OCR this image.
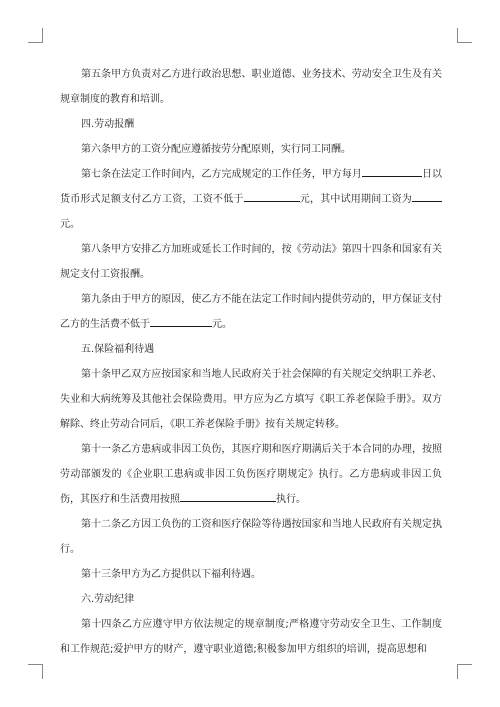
第五条甲方负责对乙方进行政治思想、职业道德、业务技术、劳动安全卫生及有关规章制度的教育和培训。

四.劳动报酬

第六条甲方的工资分配应遵循按劳分配原则，实行同工同酬。

第七条在法定工作时间内，乙方完成规定的工作任务，甲方每月	日以货币形式足额支付乙方工资，工资不低于	元，其中试用期间工资为元。

第八条甲方安排乙方加班或延长工作时间的，按《劳动法》第四十四条和国家有关规定支付工资报酬。

第九条由于甲方的原因，使乙方不能在法定工作时间内提供劳动的，甲方保证支付乙方的生活费不低于	元。

五.保险福利待遇

第十条甲乙双方应按国家和当地人民政府关于社会保障的有关规定交纳职工养老、失业和大病统筹及其他社会保险费用。甲方应为乙方填写《职工养老保险手册》。双方解除、终止劳动合同后，《职工养老保险手册》按有关规定转移。

第十一条乙方患病或非因工负伤，其医疗期和医疗期满后关于本合同的办理，按照劳动部颁发的《企业职工患病或非因工负伤医疗期规定》执行。乙方患病或非因工负伤，其医疗和生活费用按照	执行。

第十二条乙方因工负伤的工资和医疗保险等待遇按国家和当地人民政府有关规定执行。

第十三条甲方为乙方提供以下福利待遇。

六.劳动纪律

第十四条乙方应遵守甲方依法规定的规章制度;严格遵守劳动安全卫生、工作制度和工作规范;爱护甲方的财产，遵守职业道德;积极参加甲方组织的培训，提高思想和
